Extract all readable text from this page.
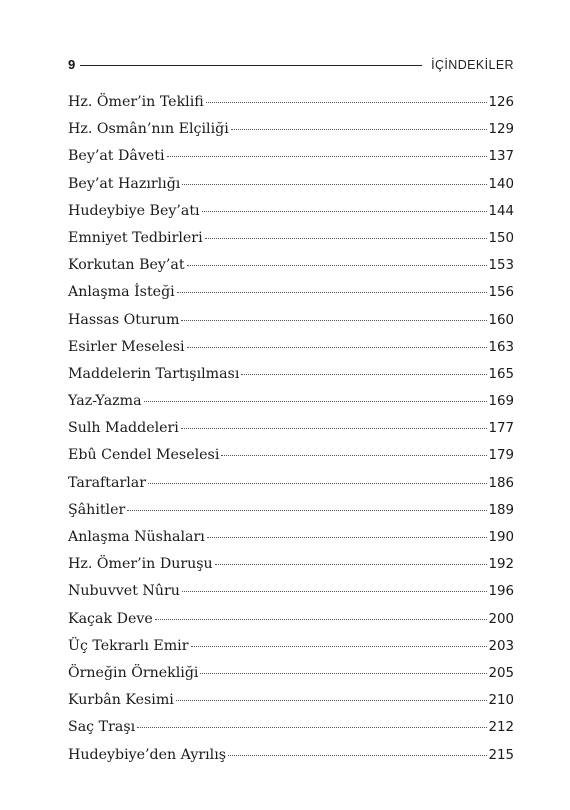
9	İÇİNDEKİLER
Hz. Ömer’in Teklifi	126
Hz. Osmân’nın Elçiliği	129
Bey’at Dâveti	137
Bey’at Hazırlığı	140
Hudeybiye Bey’atı	144
Emniyet Tedbirleri	150
Korkutan Bey’at	153
Anlaşma İsteği	156
Hassas Oturum	160
Esirler Meselesi	163
Maddelerin Tartışılması	165
Yaz-Yazma	169
Sulh Maddeleri	177
Ebû Cendel Meselesi	179
Taraftarlar	186
Şâhitler	189
Anlaşma Nüshaları	190
Hz. Ömer’in Duruşu	192
Nubuvvet Nûru	196
Kaçak Deve	200
Üç Tekrarlı Emir	203
Örneğin Örnekliği	205
Kurbân Kesimi	210
Saç Traşı	212
Hudeybiye’den Ayrılış	215
